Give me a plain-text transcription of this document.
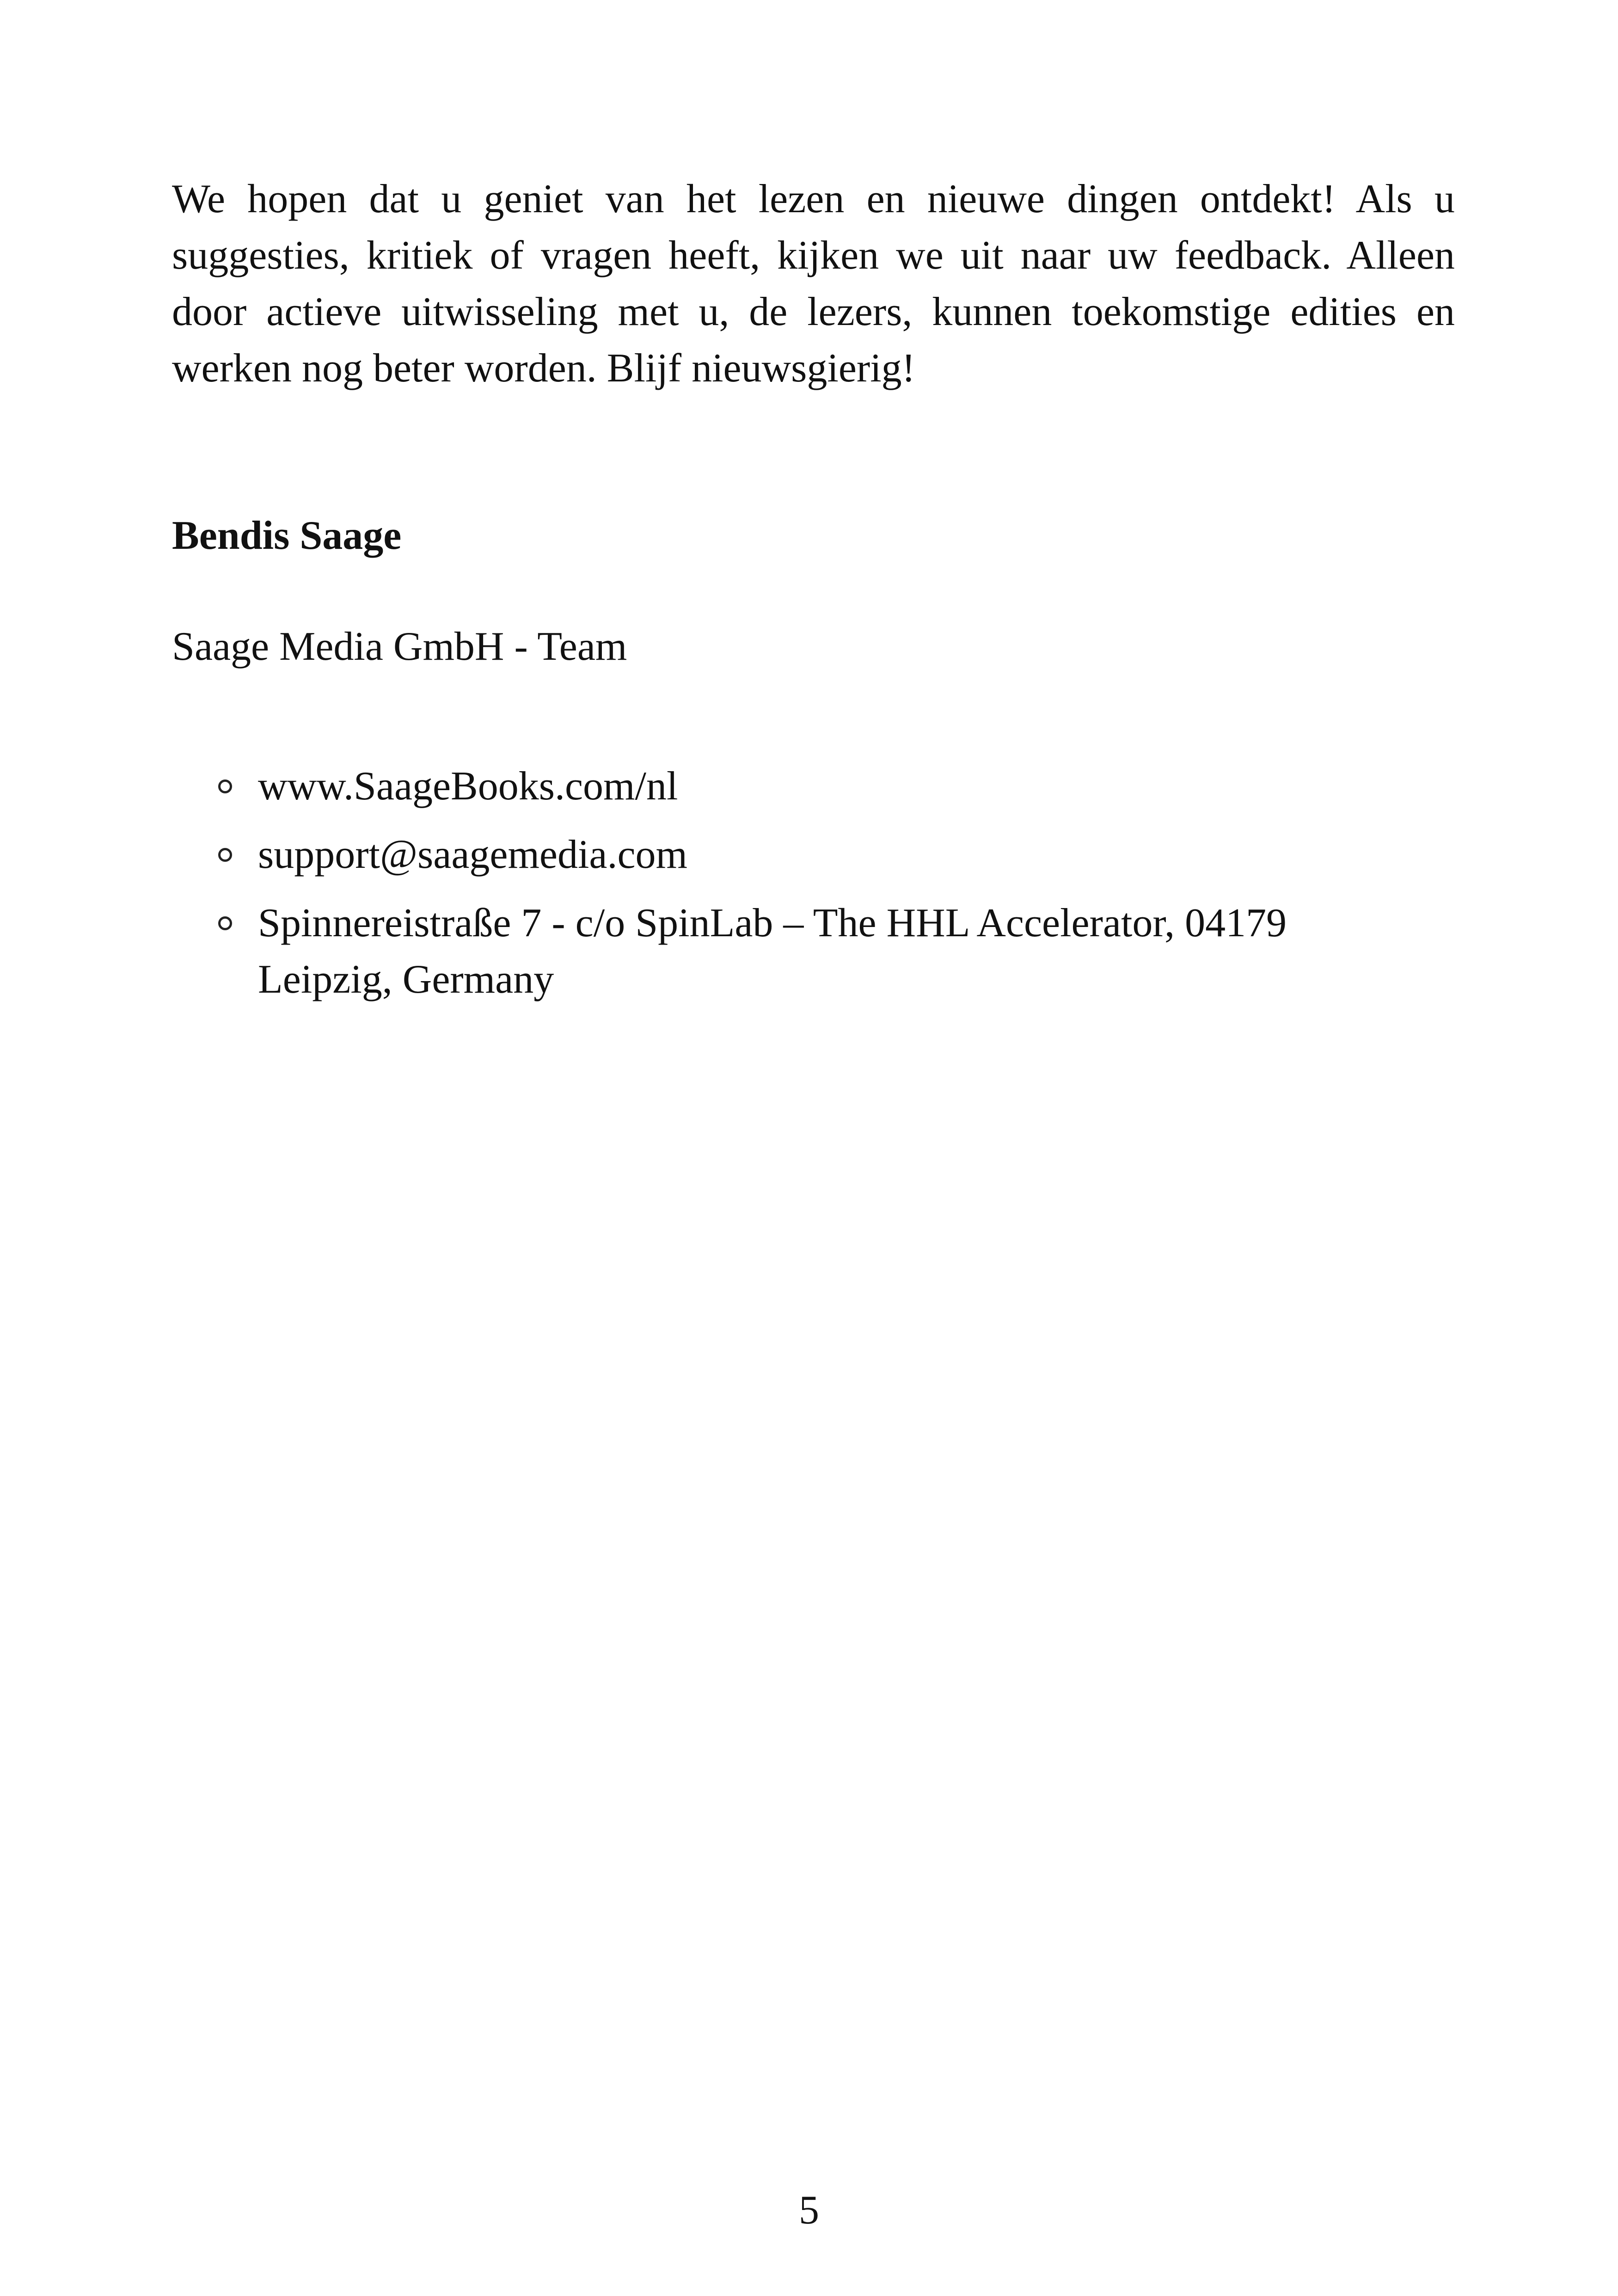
We hopen dat u geniet van het lezen en nieuwe dingen ontdekt! Als u suggesties, kritiek of vragen heeft, kijken we uit naar uw feedback. Alleen door actieve uitwisseling met u, de lezers, kunnen toekomstige edities en werken nog beter worden. Blijf nieuwsgierig!

Bendis Saage

Saage Media GmbH - Team

www.SaageBooks.com/nl
support@saagemedia.com
Spinnereistraße 7 - c/o SpinLab – The HHL Accelerator, 04179
Leipzig, Germany

5
